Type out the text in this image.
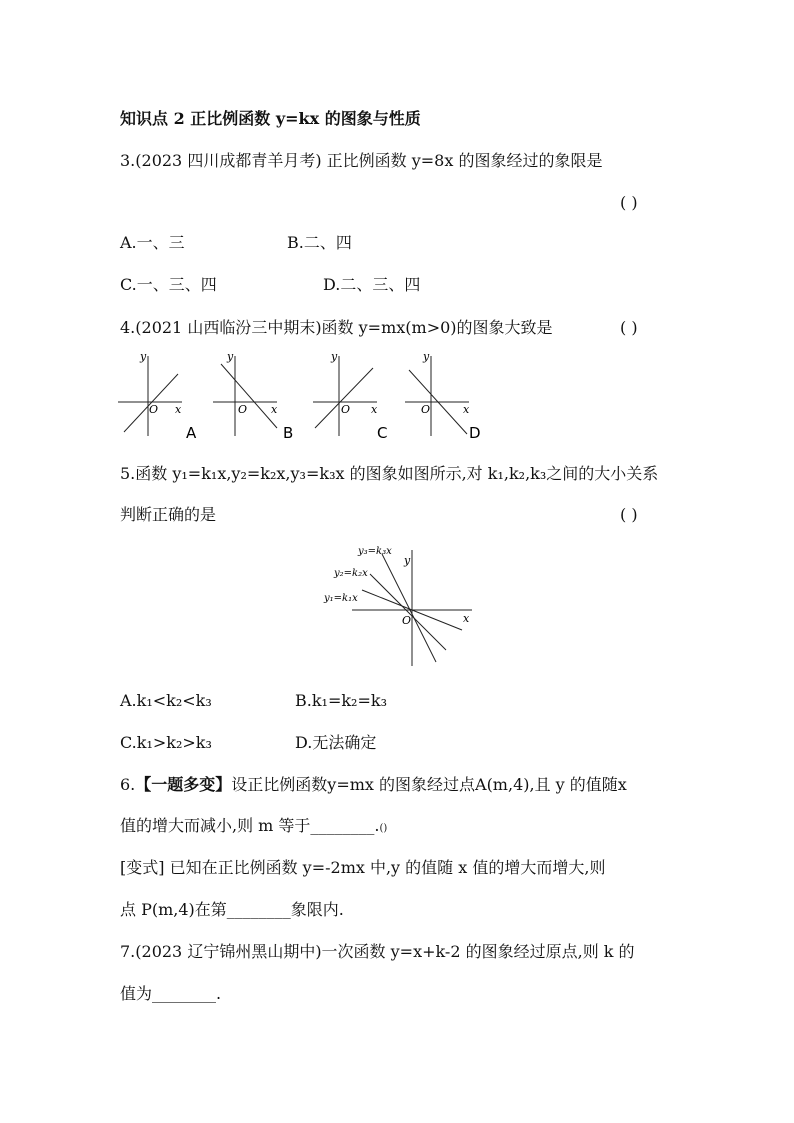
知识点 2 正比例函数 y=kx 的图象与性质
3.(2023 四川成都青羊月考) 正比例函数 y=8x 的图象经过的象限是
( )
A.一、三	B.二、四
C.一、三、四	D.二、三、四
4.(2021 山西临汾三中期末)函数 y=mx(m>0)的图象大致是	( )
y
x
O
A
y
x
O
B
y
x
O
C
y
x
O
D
5.函数 y₁=k₁x,y₂=k₂x,y₃=k₃x 的图象如图所示,对 k₁,k₂,k₃之间的大小关系
判断正确的是	( )
y₃=k₃x
y₂=k₂x
y₁=k₁x
y
x
O
A.k₁<k₂<k₃	B.k₁=k₂=k₃
C.k₁>k₂>k₃	D.无法确定
6.【一题多变】设正比例函数y=mx 的图象经过点A(m,4),且 y 的值随x
值的增大而减小,则 m 等于________.()
[变式] 已知在正比例函数 y=-2mx 中,y 的值随 x 值的增大而增大,则
点 P(m,4)在第________象限内.
7.(2023 辽宁锦州黑山期中)一次函数 y=x+k-2 的图象经过原点,则 k 的
值为________.
